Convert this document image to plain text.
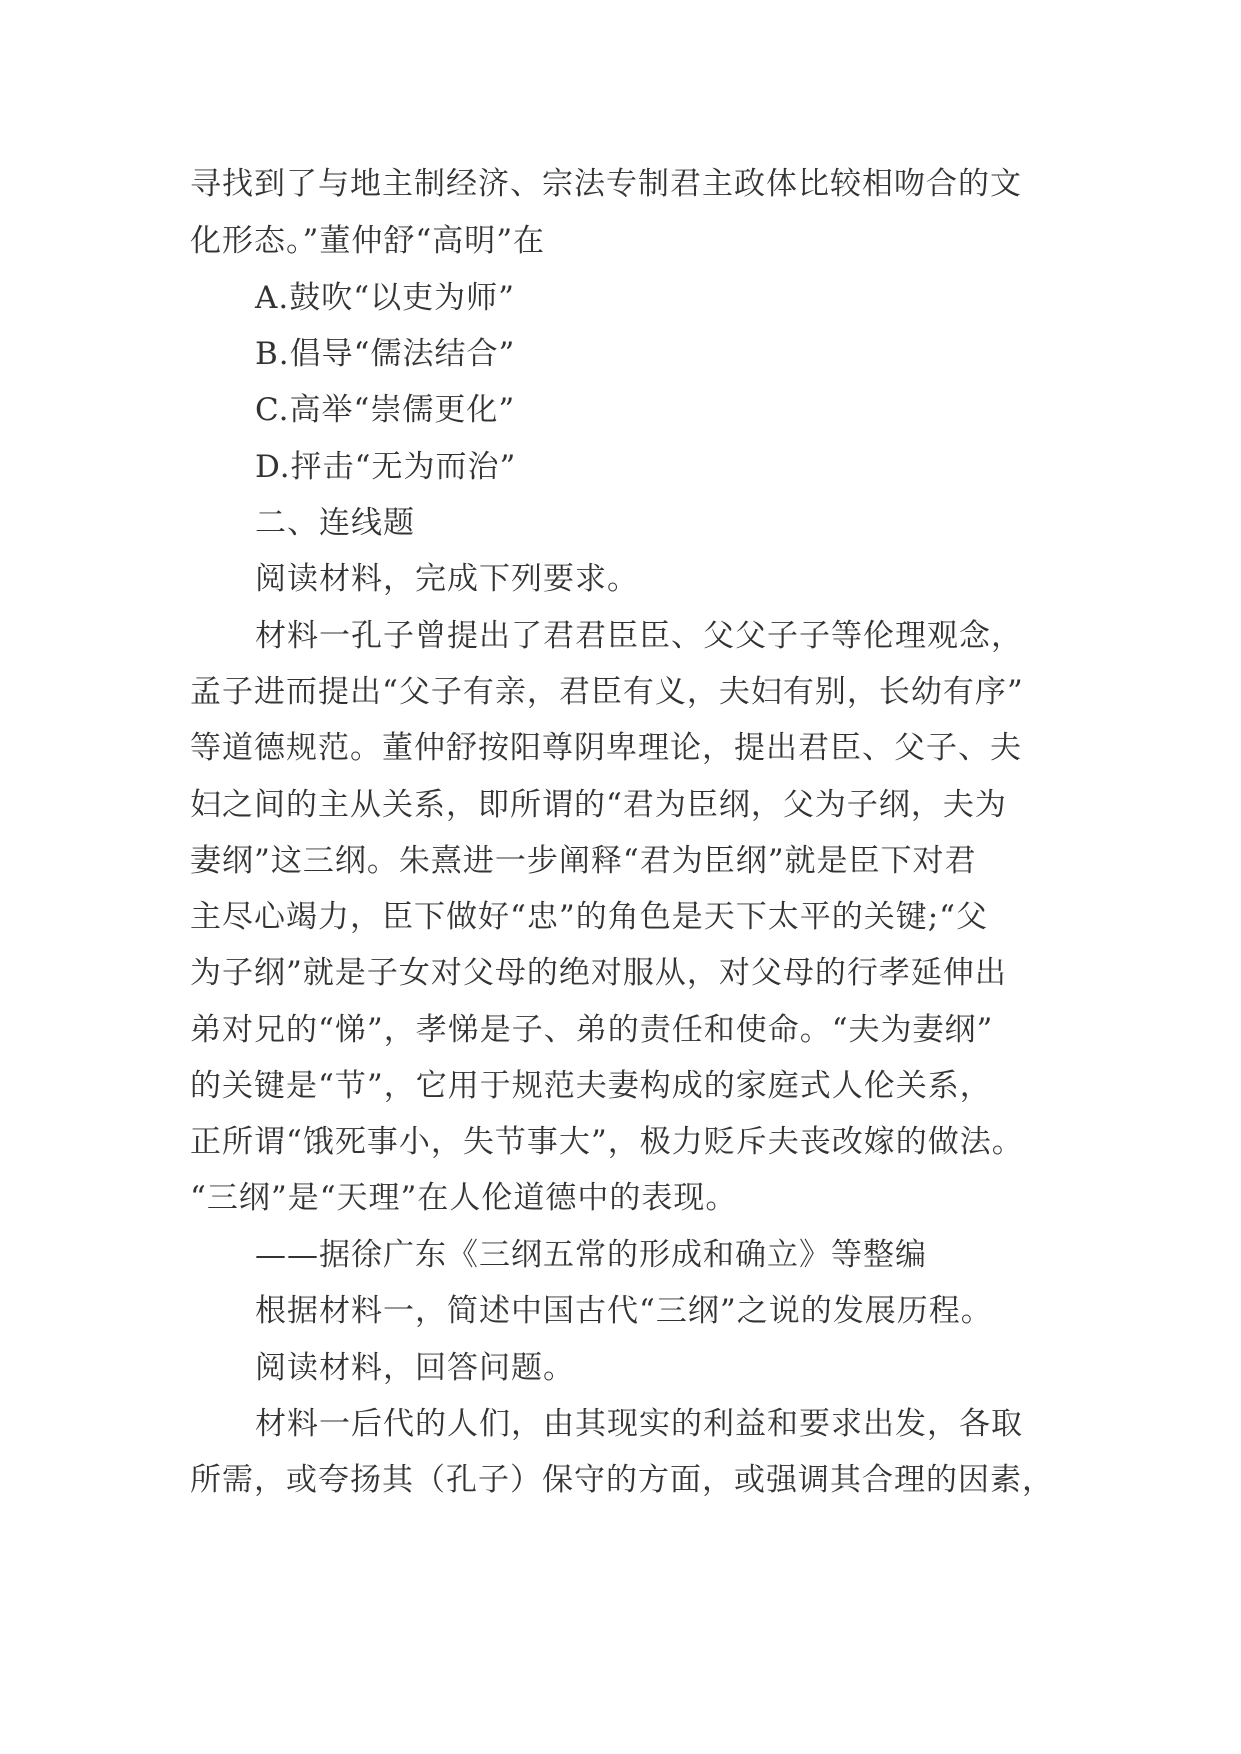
寻找到了与地主制经济、宗法专制君主政体比较相吻合的文
化形态。”董仲舒“高明”在
A.鼓吹“以吏为师”
B.倡导“儒法结合”
C.高举“崇儒更化”
D.抨击“无为而治”
二、连线题
阅读材料，完成下列要求。
材料一孔子曾提出了君君臣臣、父父子子等伦理观念，
孟子进而提出“父子有亲，君臣有义，夫妇有别，长幼有序”
等道德规范。董仲舒按阳尊阴卑理论，提出君臣、父子、夫
妇之间的主从关系，即所谓的“君为臣纲，父为子纲，夫为
妻纲”这三纲。朱熹进一步阐释“君为臣纲”就是臣下对君
主尽心竭力，臣下做好“忠”的角色是天下太平的关键;“父
为子纲”就是子女对父母的绝对服从，对父母的行孝延伸出
弟对兄的“悌”，孝悌是子、弟的责任和使命。“夫为妻纲”
的关键是“节”，它用于规范夫妻构成的家庭式人伦关系，
正所谓“饿死事小，失节事大”，极力贬斥夫丧改嫁的做法。
“三纲”是“天理”在人伦道德中的表现。
——据徐广东《三纲五常的形成和确立》等整编
根据材料一，简述中国古代“三纲”之说的发展历程。
阅读材料，回答问题。
材料一后代的人们，由其现实的利益和要求出发，各取
所需，或夸扬其（孔子）保守的方面，或强调其合理的因素，
